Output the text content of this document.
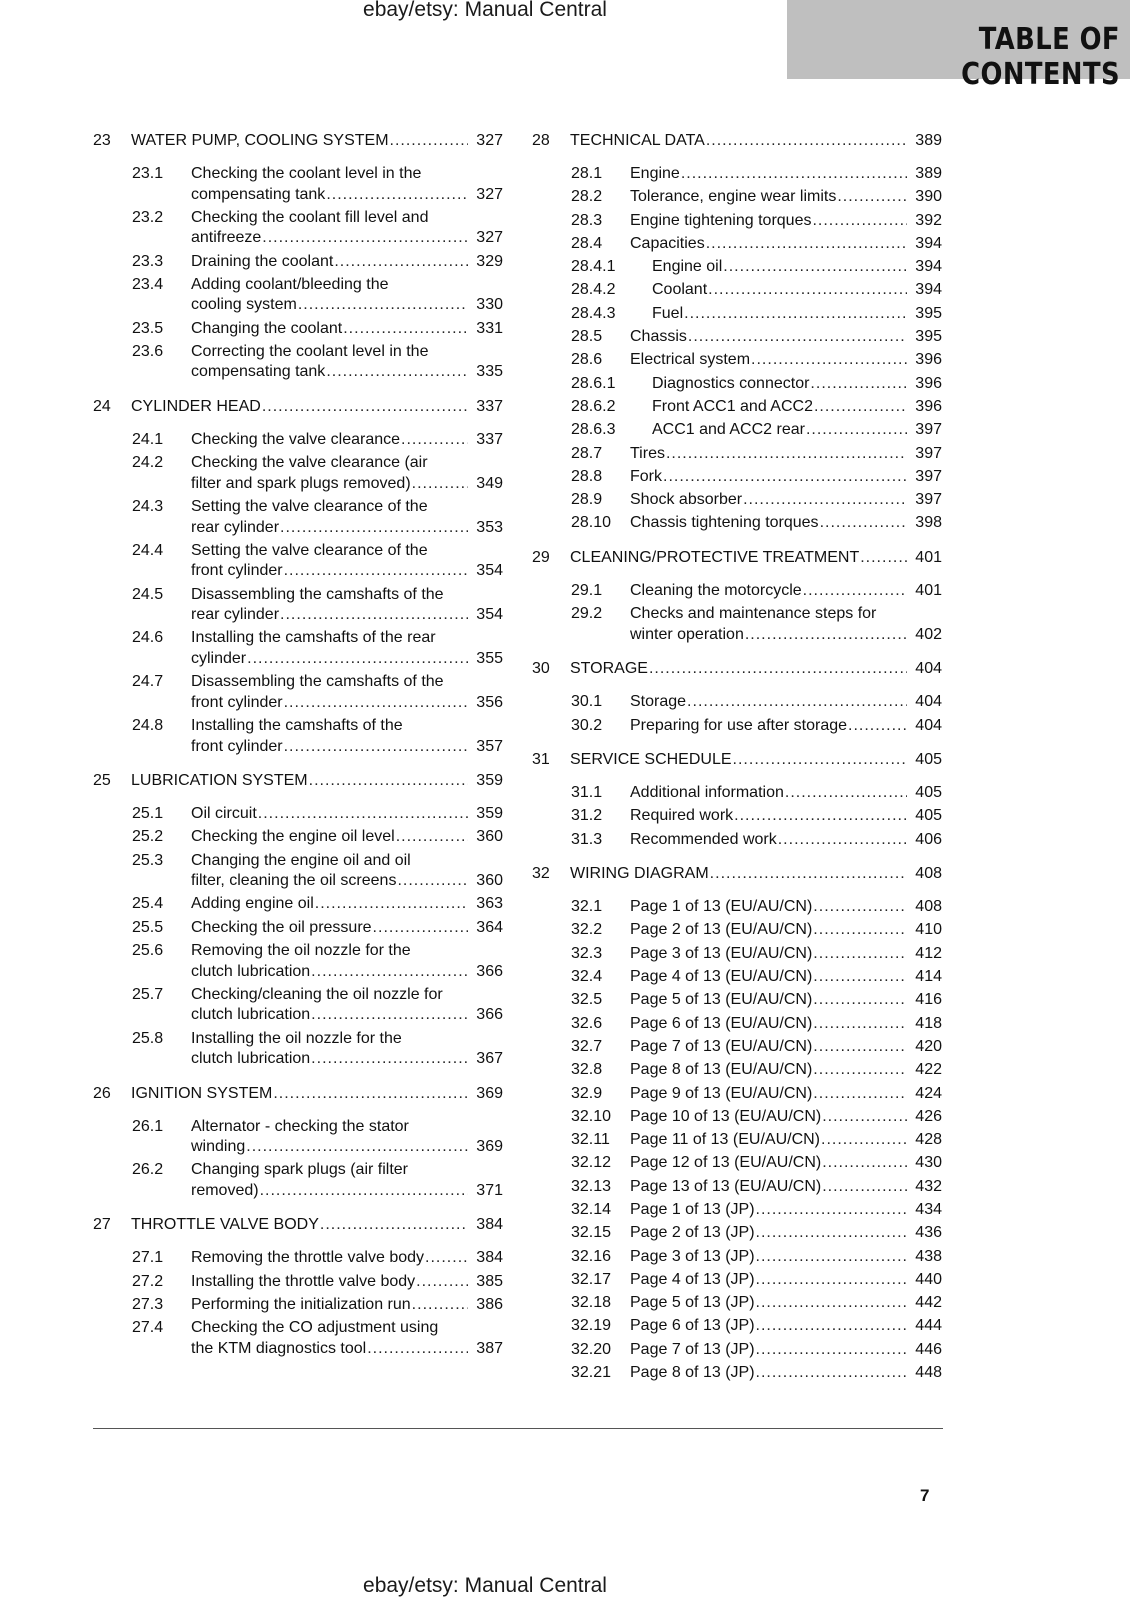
ebay/etsy: Manual Central
TABLE OF CONTENTS
23 WATER PUMP, COOLING SYSTEM .....	327
23.1 Checking the coolant level in the
compensating tank .....	327
23.2 Checking the coolant fill level and
antifreeze .....	327
23.3 Draining the coolant .....	329
23.4 Adding coolant/bleeding the
cooling system .....	330
23.5 Changing the coolant .....	331
23.6 Correcting the coolant level in the
compensating tank .....	335
24 CYLINDER HEAD .....	337
24.1 Checking the valve clearance .....	337
24.2 Checking the valve clearance (air
filter and spark plugs removed) .....	349
24.3 Setting the valve clearance of the
rear cylinder .....	353
24.4 Setting the valve clearance of the
front cylinder .....	354
24.5 Disassembling the camshafts of the
rear cylinder .....	354
24.6 Installing the camshafts of the rear
cylinder .....	355
24.7 Disassembling the camshafts of the
front cylinder .....	356
24.8 Installing the camshafts of the
front cylinder .....	357
25 LUBRICATION SYSTEM .....	359
25.1 Oil circuit .....	359
25.2 Checking the engine oil level .....	360
25.3 Changing the engine oil and oil
filter, cleaning the oil screens .....	360
25.4 Adding engine oil .....	363
25.5 Checking the oil pressure .....	364
25.6 Removing the oil nozzle for the
clutch lubrication .....	366
25.7 Checking/cleaning the oil nozzle for
clutch lubrication .....	366
25.8 Installing the oil nozzle for the
clutch lubrication .....	367
26 IGNITION SYSTEM .....	369
26.1 Alternator - checking the stator
winding .....	369
26.2 Changing spark plugs (air filter
removed) .....	371
27 THROTTLE VALVE BODY .....	384
27.1 Removing the throttle valve body .....	384
27.2 Installing the throttle valve body .....	385
27.3 Performing the initialization run .....	386
27.4 Checking the CO adjustment using
the KTM diagnostics tool .....	387
28 TECHNICAL DATA .....	389
28.1 Engine .....	389
28.2 Tolerance, engine wear limits .....	390
28.3 Engine tightening torques .....	392
28.4 Capacities .....	394
28.4.1 Engine oil .....	394
28.4.2 Coolant .....	394
28.4.3 Fuel .....	395
28.5 Chassis .....	395
28.6 Electrical system .....	396
28.6.1 Diagnostics connector .....	396
28.6.2 Front ACC1 and ACC2 .....	396
28.6.3 ACC1 and ACC2 rear .....	397
28.7 Tires .....	397
28.8 Fork .....	397
28.9 Shock absorber .....	397
28.10 Chassis tightening torques .....	398
29 CLEANING/PROTECTIVE TREATMENT .....	401
29.1 Cleaning the motorcycle .....	401
29.2 Checks and maintenance steps for
winter operation .....	402
30 STORAGE .....	404
30.1 Storage .....	404
30.2 Preparing for use after storage .....	404
31 SERVICE SCHEDULE .....	405
31.1 Additional information .....	405
31.2 Required work .....	405
31.3 Recommended work .....	406
32 WIRING DIAGRAM .....	408
32.1 Page 1 of 13 (EU/AU/CN) .....	408
32.2 Page 2 of 13 (EU/AU/CN) .....	410
32.3 Page 3 of 13 (EU/AU/CN) .....	412
32.4 Page 4 of 13 (EU/AU/CN) .....	414
32.5 Page 5 of 13 (EU/AU/CN) .....	416
32.6 Page 6 of 13 (EU/AU/CN) .....	418
32.7 Page 7 of 13 (EU/AU/CN) .....	420
32.8 Page 8 of 13 (EU/AU/CN) .....	422
32.9 Page 9 of 13 (EU/AU/CN) .....	424
32.10 Page 10 of 13 (EU/AU/CN) .....	426
32.11 Page 11 of 13 (EU/AU/CN) .....	428
32.12 Page 12 of 13 (EU/AU/CN) .....	430
32.13 Page 13 of 13 (EU/AU/CN) .....	432
32.14 Page 1 of 13 (JP) .....	434
32.15 Page 2 of 13 (JP) .....	436
32.16 Page 3 of 13 (JP) .....	438
32.17 Page 4 of 13 (JP) .....	440
32.18 Page 5 of 13 (JP) .....	442
32.19 Page 6 of 13 (JP) .....	444
32.20 Page 7 of 13 (JP) .....	446
32.21 Page 8 of 13 (JP) .....	448
7
ebay/etsy: Manual Central
